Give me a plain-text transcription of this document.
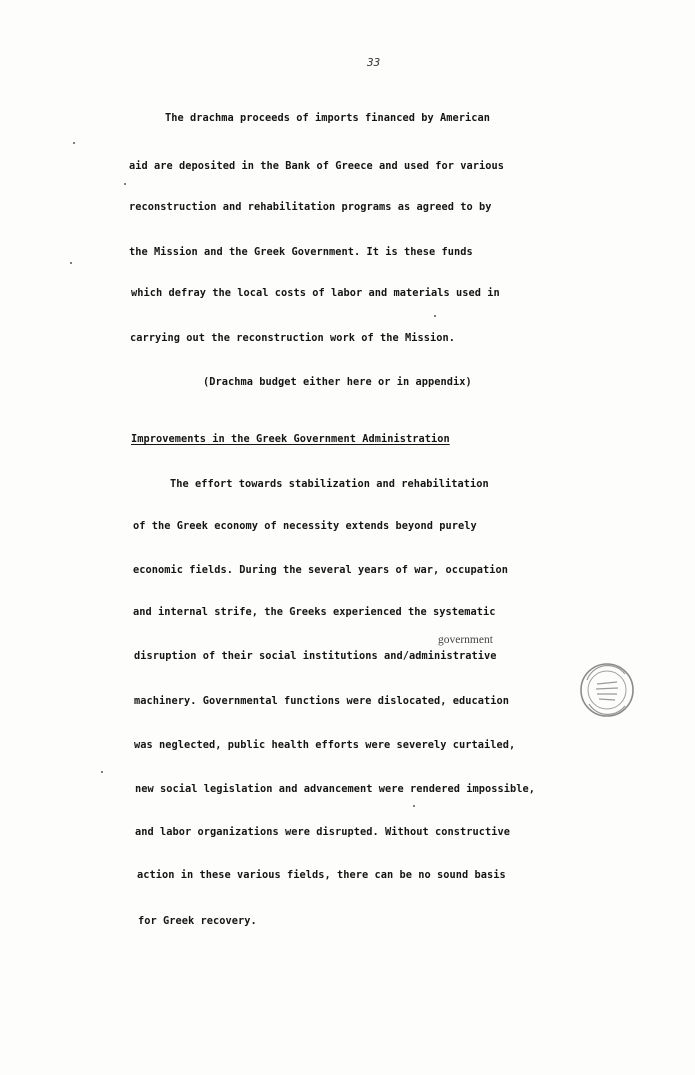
33
The drachma proceeds of imports financed by American
aid are deposited in the Bank of Greece and used for various
reconstruction and rehabilitation programs as agreed to by
the Mission and the Greek Government. It is these funds
which defray the local costs of labor and materials used in
carrying out the reconstruction work of the Mission.
(Drachma budget either here or in appendix)
Improvements in the Greek Government Administration
The effort towards stabilization and rehabilitation
of the Greek economy of necessity extends beyond purely
economic fields. During the several years of war, occupation
and internal strife, the Greeks experienced the systematic
government
disruption of their social institutions and/administrative
machinery. Governmental functions were dislocated, education
was neglected, public health efforts were severely curtailed,
new social legislation and advancement were rendered impossible,
and labor organizations were disrupted. Without constructive
action in these various fields, there can be no sound basis
for Greek recovery.
